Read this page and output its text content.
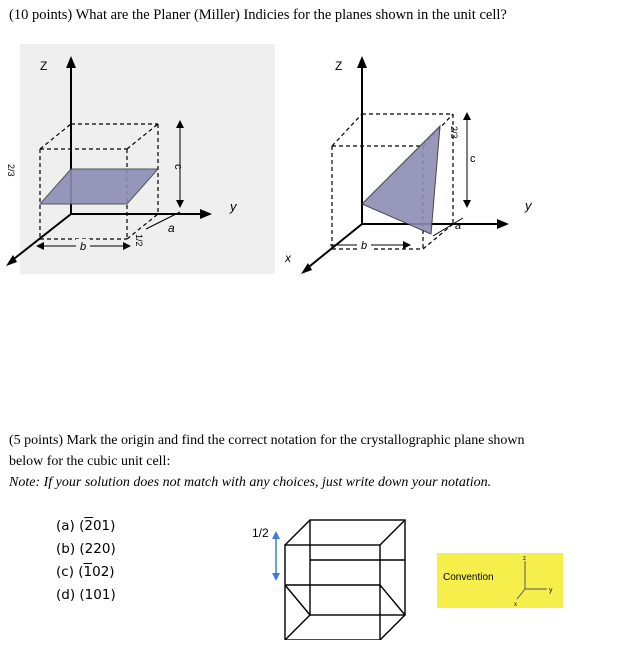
(10 points) What are the Planer (Miller) Indicies for the planes shown in the unit cell?
Z
y
c
a
b
2/3
1/2
Z
y
x
c
a
b
2/3
(5 points) Mark the origin and find the correct notation for the crystallographic plane shown
below for the cubic unit cell:
Note: If your solution does not match with any choices, just write down your notation.
(a) (201)
(b) (220)
(c) (102)
(d) (101)
1/2
Convention
z
y
x
